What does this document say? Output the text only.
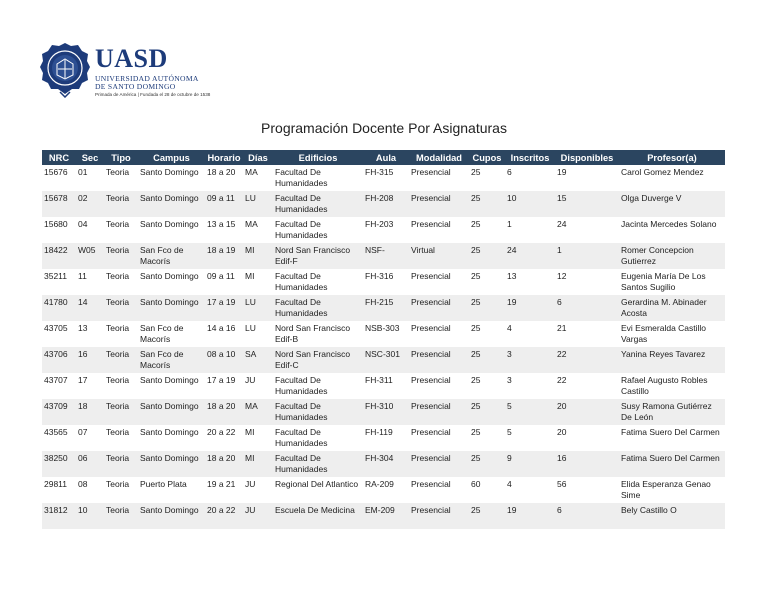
UASD
UNIVERSIDAD AUTÓNOMA
DE SANTO DOMINGO
Primada de América | Fundada el 28 de octubre de 1538
Programación Docente Por Asignaturas
NRC	Sec	Tipo	Campus	Horario	Días	Edificios	Aula	Modalidad	Cupos	Inscritos	Disponibles	Profesor(a)
15676	01	Teoria	Santo Domingo	18 a 20	MA	Facultad De Humanidades	FH-315	Presencial	25	6	19	Carol Gomez Mendez
15678	02	Teoria	Santo Domingo	09 a 11	LU	Facultad De Humanidades	FH-208	Presencial	25	10	15	Olga Duverge V
15680	04	Teoria	Santo Domingo	13 a 15	MA	Facultad De Humanidades	FH-203	Presencial	25	1	24	Jacinta Mercedes Solano
18422	W05	Teoria	San Fco de Macorís	18 a 19	MI	Nord San Francisco Edif-F	NSF-	Virtual	25	24	1	Romer Concepcion Gutierrez
35211	11	Teoria	Santo Domingo	09 a 11	MI	Facultad De Humanidades	FH-316	Presencial	25	13	12	Eugenia María De Los Santos Sugilio
41780	14	Teoria	Santo Domingo	17 a 19	LU	Facultad De Humanidades	FH-215	Presencial	25	19	6	Gerardina M. Abinader Acosta
43705	13	Teoria	San Fco de Macorís	14 a 16	LU	Nord San Francisco Edif-B	NSB-303	Presencial	25	4	21	Evi Esmeralda Castillo Vargas
43706	16	Teoria	San Fco de Macorís	08 a 10	SA	Nord San Francisco Edif-C	NSC-301	Presencial	25	3	22	Yanina Reyes Tavarez
43707	17	Teoria	Santo Domingo	17 a 19	JU	Facultad De Humanidades	FH-311	Presencial	25	3	22	Rafael Augusto Robles Castillo
43709	18	Teoria	Santo Domingo	18 a 20	MA	Facultad De Humanidades	FH-310	Presencial	25	5	20	Susy Ramona Gutiérrez De León
43565	07	Teoria	Santo Domingo	20 a 22	MI	Facultad De Humanidades	FH-119	Presencial	25	5	20	Fatima Suero Del Carmen
38250	06	Teoria	Santo Domingo	18 a 20	MI	Facultad De Humanidades	FH-304	Presencial	25	9	16	Fatima Suero Del Carmen
29811	08	Teoria	Puerto Plata	19 a 21	JU	Regional Del Atlantico	RA-209	Presencial	60	4	56	Elida Esperanza Genao Sime
31812	10	Teoria	Santo Domingo	20 a 22	JU	Escuela De Medicina	EM-209	Presencial	25	19	6	Bely Castillo O
